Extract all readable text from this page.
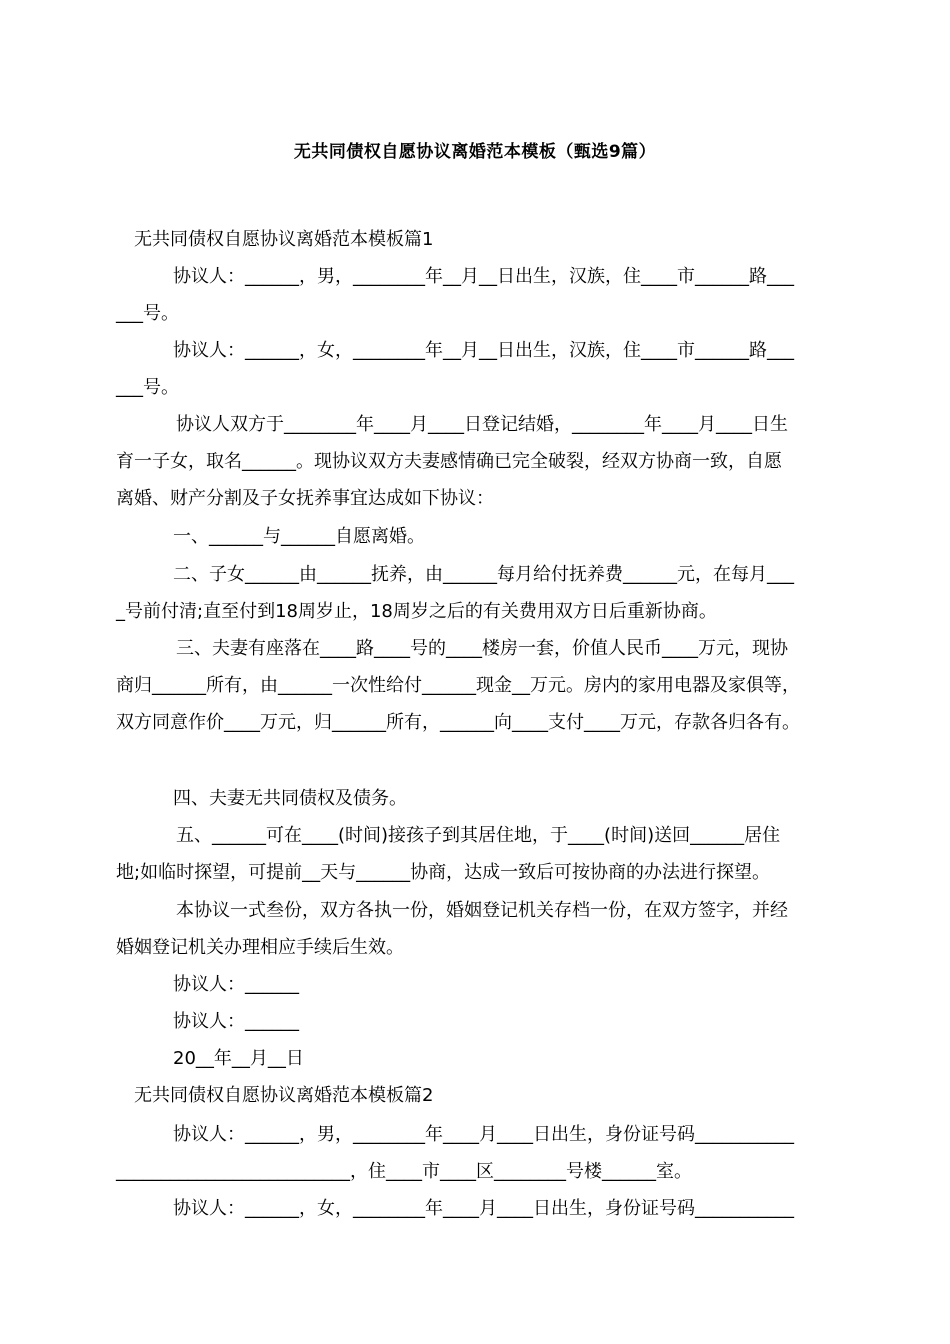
无共同债权自愿协议离婚范本模板（甄选9篇）
无共同债权自愿协议离婚范本模板篇1
协议人：______，男，________年__月__日出生，汉族，住____市______路___
___号。
协议人：______，女，________年__月__日出生，汉族，住____市______路___
___号。
协议人双方于________年____月____日登记结婚，________年____月____日生
育一子女，取名______。现协议双方夫妻感情确已完全破裂，经双方协商一致，自愿
离婚、财产分割及子女抚养事宜达成如下协议：
一、______与______自愿离婚。
二、子女______由______抚养，由______每月给付抚养费______元，在每月___
_号前付清;直至付到18周岁止，18周岁之后的有关费用双方日后重新协商。
三、夫妻有座落在____路____号的____楼房一套，价值人民币____万元，现协
商归______所有，由______一次性给付______现金__万元。房内的家用电器及家俱等，
双方同意作价____万元，归______所有，______向____支付____万元，存款各归各有。
四、夫妻无共同债权及债务。
五、______可在____(时间)接孩子到其居住地，于____(时间)送回______居住
地;如临时探望，可提前__天与______协商，达成一致后可按协商的办法进行探望。
本协议一式叁份，双方各执一份，婚姻登记机关存档一份，在双方签字，并经
婚姻登记机关办理相应手续后生效。
协议人：______
协议人：______
20__年__月__日
无共同债权自愿协议离婚范本模板篇2
协议人：______，男，________年____月____日出生，身份证号码___________
__________________________，住____市____区________号楼______室。
协议人：______，女，________年____月____日出生，身份证号码___________
